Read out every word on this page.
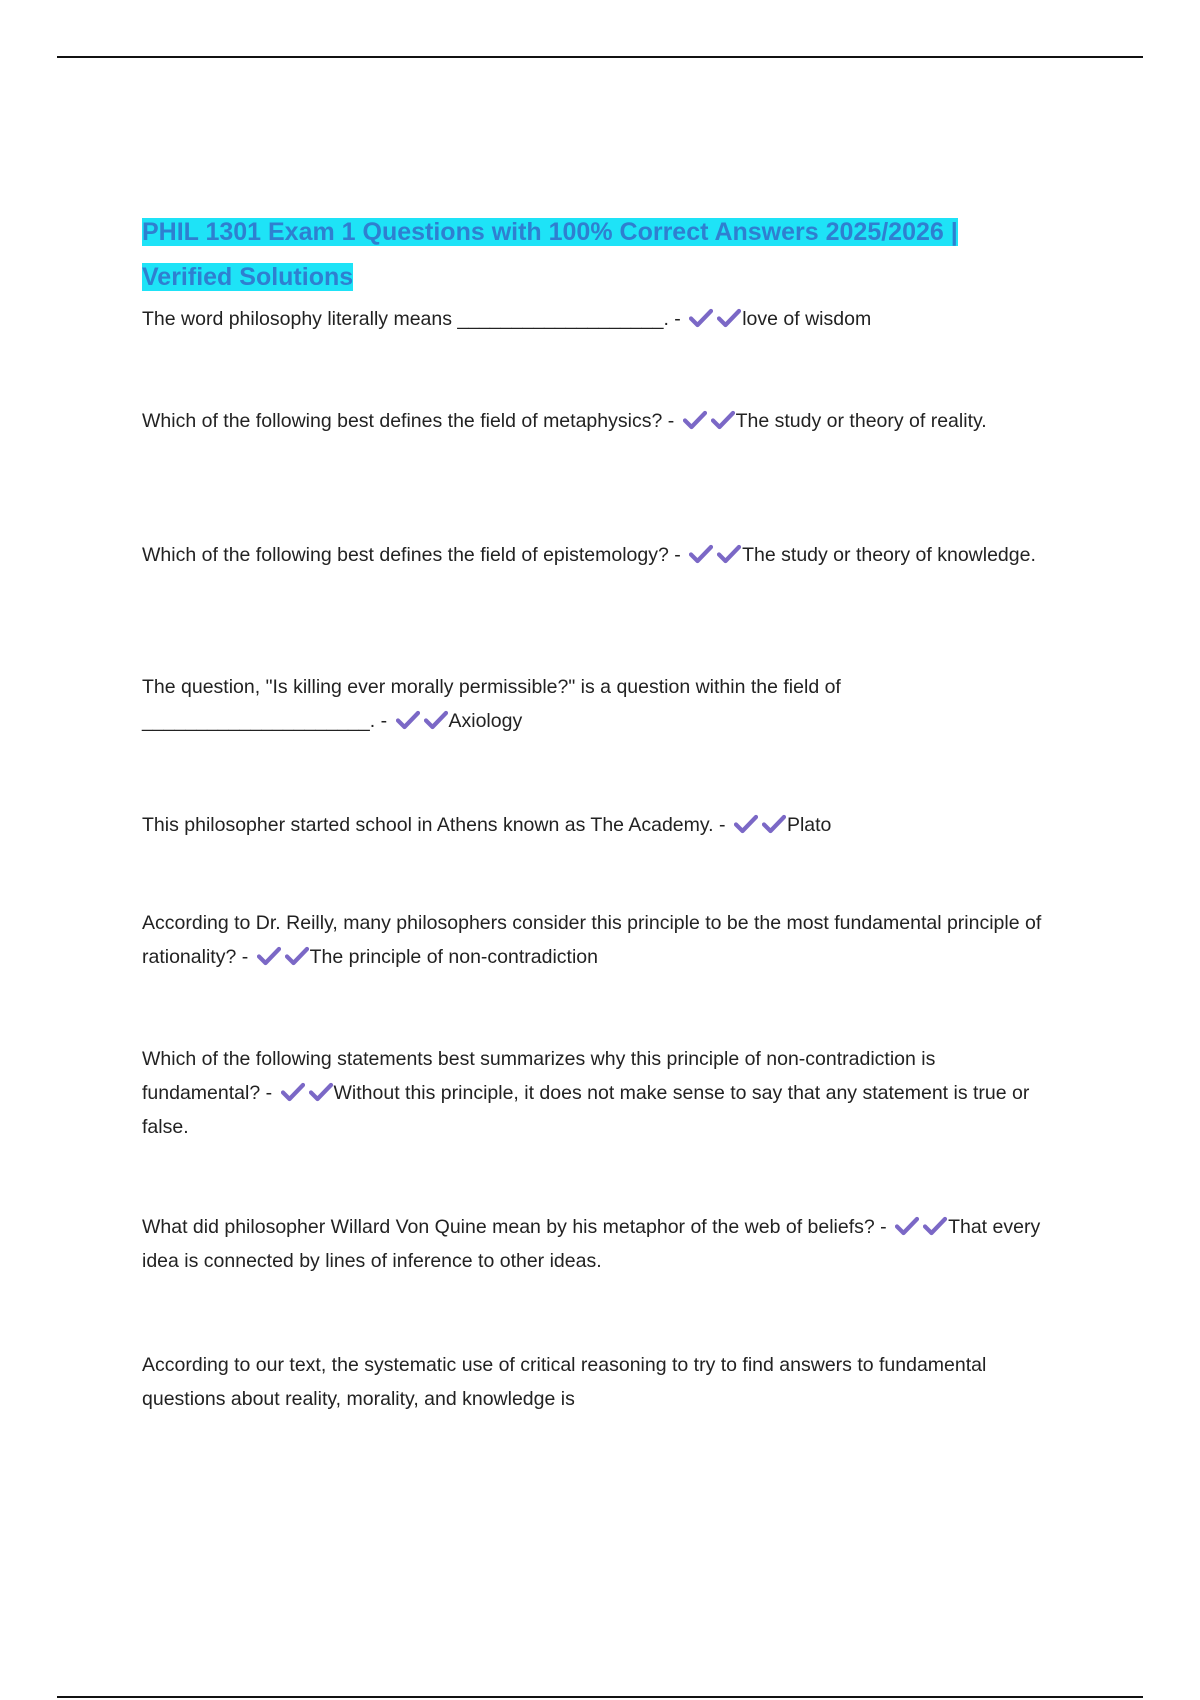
PHIL 1301 Exam 1 Questions with 100% Correct Answers 2025/2026 | Verified Solutions
The word philosophy literally means ___________________. -	love of wisdom
Which of the following best defines the field of metaphysics? -	The study or theory of reality.
Which of the following best defines the field of epistemology? -	The study or theory of knowledge.
The question, "Is killing ever morally permissible?" is a question within the field of _____________________. -	Axiology
This philosopher started school in Athens known as The Academy. -	Plato
According to Dr. Reilly, many philosophers consider this principle to be the most fundamental principle of rationality? -	The principle of non-contradiction
Which of the following statements best summarizes why this principle of non-contradiction is fundamental? -	Without this principle, it does not make sense to say that any statement is true or false.
What did philosopher Willard Von Quine mean by his metaphor of the web of beliefs? -	That every idea is connected by lines of inference to other ideas.
According to our text, the systematic use of critical reasoning to try to find answers to fundamental questions about reality, morality, and knowledge is
